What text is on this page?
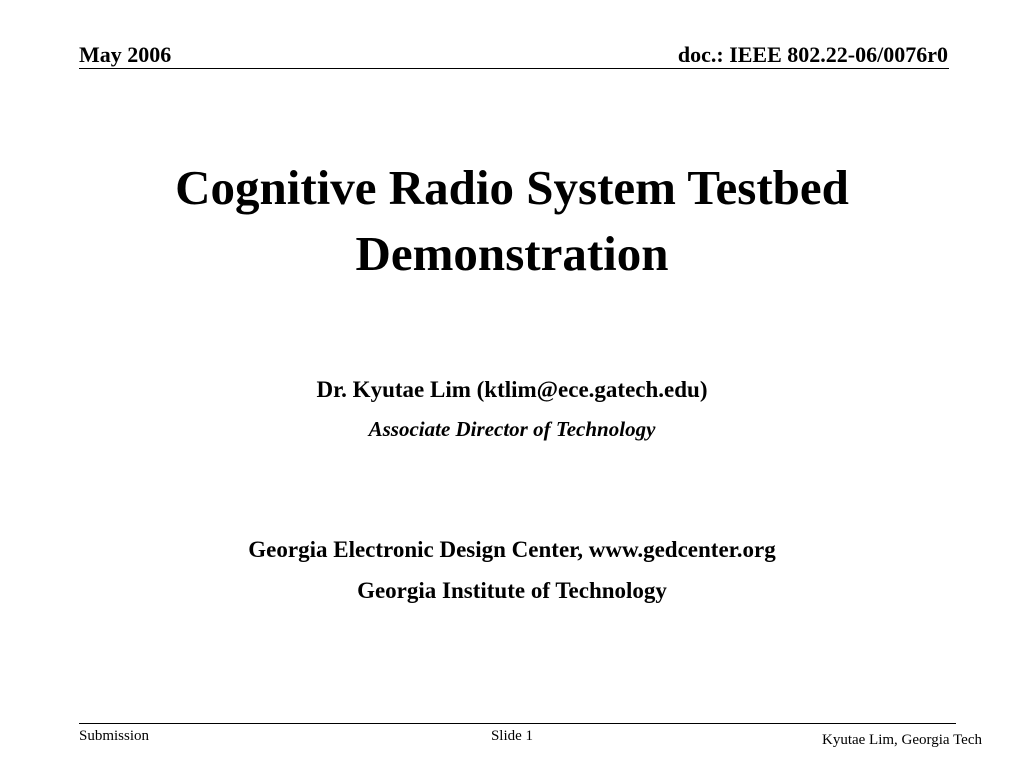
May 2006	doc.: IEEE 802.22-06/0076r0
Cognitive Radio System Testbed
Demonstration
Dr. Kyutae Lim (ktlim@ece.gatech.edu)
Associate Director of Technology
Georgia Electronic Design Center, www.gedcenter.org
Georgia Institute of Technology
Submission	Slide 1	Kyutae Lim, Georgia Tech
